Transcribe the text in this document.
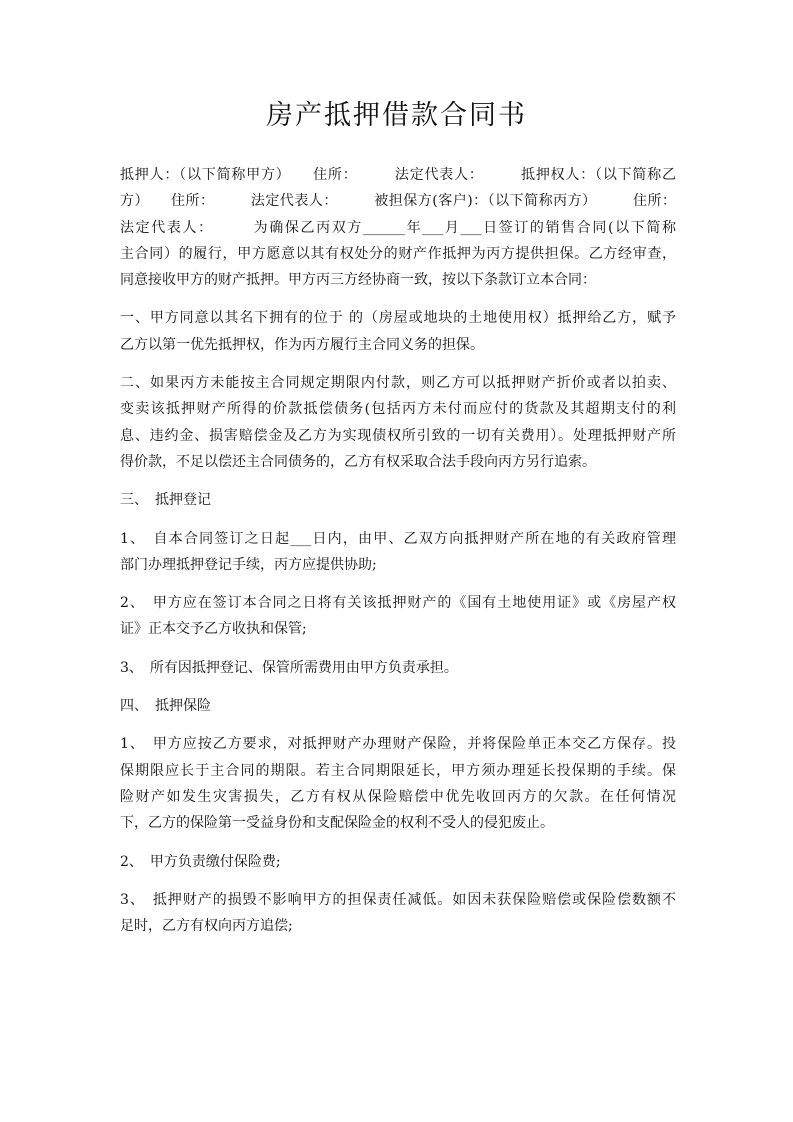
房产抵押借款合同书
抵押人：（以下简称甲方）　　住所：　　　法定代表人：　　　抵押权人：（以下简称乙
方）　　住所：　　　法定代表人：　　　被担保方(客户)：（以下简称丙方）　　　住所：
法定代表人：　　　为确保乙丙双方______年___月___日签订的销售合同(以下简称
主合同）的履行，甲方愿意以其有权处分的财产作抵押为丙方提供担保。乙方经审查，
同意接收甲方的财产抵押。甲方丙三方经协商一致，按以下条款订立本合同：
一、甲方同意以其名下拥有的位于 的（房屋或地块的土地使用权）抵押给乙方，赋予
乙方以第一优先抵押权，作为丙方履行主合同义务的担保。
二、如果丙方未能按主合同规定期限内付款，则乙方可以抵押财产折价或者以拍卖、
变卖该抵押财产所得的价款抵偿债务(包括丙方未付而应付的货款及其超期支付的利
息、违约金、损害赔偿金及乙方为实现债权所引致的一切有关费用）。处理抵押财产所
得价款，不足以偿还主合同债务的，乙方有权采取合法手段向丙方另行追索。
三、　抵押登记
1、　自本合同签订之日起___日内，由甲、乙双方向抵押财产所在地的有关政府管理
部门办理抵押登记手续，丙方应提供协助;
2、　甲方应在签订本合同之日将有关该抵押财产的《国有土地使用证》或《房屋产权
证》正本交予乙方收执和保管;
3、　所有因抵押登记、保管所需费用由甲方负责承担。
四、　抵押保险
1、　甲方应按乙方要求，对抵押财产办理财产保险，并将保险单正本交乙方保存。投
保期限应长于主合同的期限。若主合同期限延长，甲方须办理延长投保期的手续。保
险财产如发生灾害损失，乙方有权从保险赔偿中优先收回丙方的欠款。在任何情况
下，乙方的保险第一受益身份和支配保险金的权利不受人的侵犯废止。
2、　甲方负责缴付保险费;
3、　抵押财产的损毁不影响甲方的担保责任减低。如因未获保险赔偿或保险偿数额不
足时，乙方有权向丙方追偿;
